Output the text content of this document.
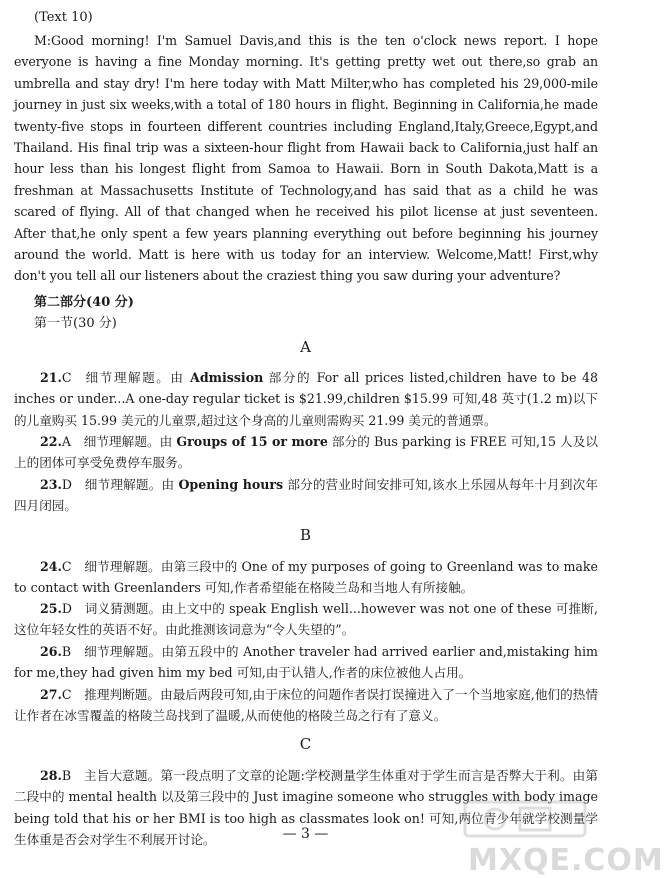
(Text 10)
M:Good morning! I'm Samuel Davis,and this is the ten o'clock news report. I hope everyone is having a fine Monday morning. It's getting pretty wet out there,so grab an umbrella and stay dry! I'm here today with Matt Milter,who has completed his 29,000-mile journey in just six weeks,with a total of 180 hours in flight. Beginning in California,he made twenty-five stops in fourteen different countries including England,Italy,Greece,Egypt,and Thailand. His final trip was a sixteen-hour flight from Hawaii back to California,just half an hour less than his longest flight from Samoa to Hawaii. Born in South Dakota,Matt is a freshman at Massachusetts Institute of Technology,and has said that as a child he was scared of flying. All of that changed when he received his pilot license at just seventeen. After that,he only spent a few years planning everything out before beginning his journey around the world. Matt is here with us today for an interview. Welcome,Matt! First,why don't you tell all our listeners about the craziest thing you saw during your adventure?
第二部分(40 分)
第一节(30 分)
A
21.C  细节理解题。由 Admission 部分的 For all prices listed,children have to be 48 inches or under...A one-day regular ticket is $21.99,children $15.99 可知,48 英寸(1.2 m)以下的儿童购买 15.99 美元的儿童票,超过这个身高的儿童则需购买 21.99 美元的普通票。
22.A  细节理解题。由 Groups of 15 or more 部分的 Bus parking is FREE 可知,15 人及以上的团体可享受免费停车服务。
23.D  细节理解题。由 Opening hours 部分的营业时间安排可知,该水上乐园从每年十月到次年四月闭园。
B
24.C  细节理解题。由第三段中的 One of my purposes of going to Greenland was to make to contact with Greenlanders 可知,作者希望能在格陵兰岛和当地人有所接触。
25.D  词义猜测题。由上文中的 speak English well...however was not one of these 可推断,这位年轻女性的英语不好。由此推测该词意为“令人失望的”。
26.B  细节理解题。由第五段中的 Another traveler had arrived earlier and,mistaking him for me,they had given him my bed 可知,由于认错人,作者的床位被他人占用。
27.C  推理判断题。由最后两段可知,由于床位的问题作者误打误撞进入了一个当地家庭,他们的热情让作者在冰雪覆盖的格陵兰岛找到了温暖,从而使他的格陵兰岛之行有了意义。
C
28.B  主旨大意题。第一段点明了文章的论题:学校测量学生体重对于学生而言是否弊大于利。由第二段中的 mental health 以及第三段中的 Just imagine someone who struggles with body image being told that his or her BMI is too high as classmates look on! 可知,两位青少年就学校测量学生体重是否会对学生不利展开讨论。	— 3 —
MXQE.COM
